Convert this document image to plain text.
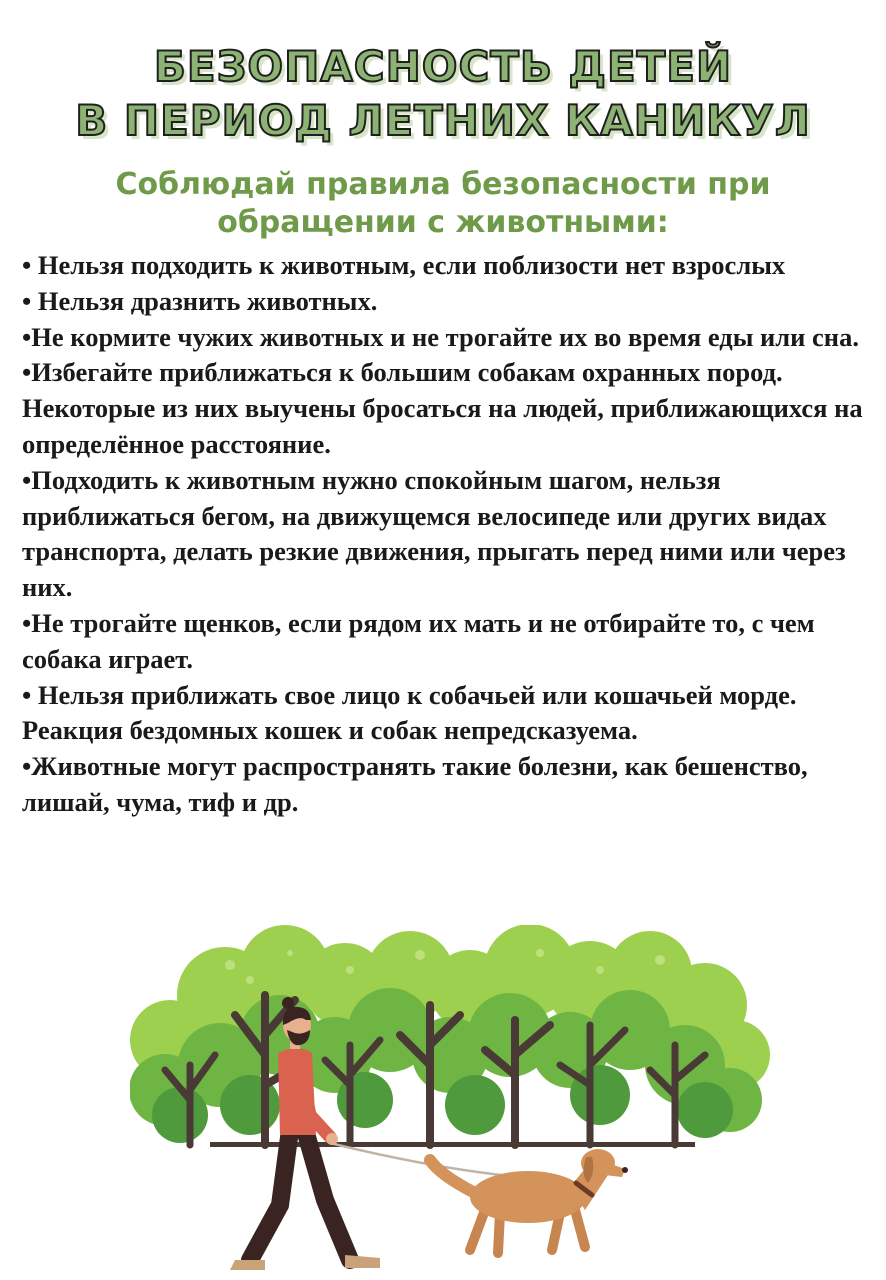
БЕЗОПАСНОСТЬ ДЕТЕЙ
В ПЕРИОД ЛЕТНИХ КАНИКУЛ
Соблюдай правила безопасности при
обращении с животными:
• Нельзя подходить к животным, если поблизости нет взрослых
• Нельзя дразнить животных.
•Не кормите чужих животных и не трогайте их во время еды или сна.
•Избегайте приближаться к большим собакам охранных пород. Некоторые из них выучены бросаться на людей, приближающихся на определённое расстояние.
•Подходить к животным нужно спокойным шагом, нельзя приближаться бегом, на движущемся велосипеде или других видах транспорта, делать резкие движения, прыгать перед ними или через них.
•Не трогайте щенков, если рядом их мать и не отбирайте то, с чем собака играет.
• Нельзя приближать свое лицо к собачьей или кошачьей морде. Реакция бездомных кошек и собак непредсказуема.
•Животные могут распространять такие болезни, как бешенство, лишай, чума, тиф и др.
